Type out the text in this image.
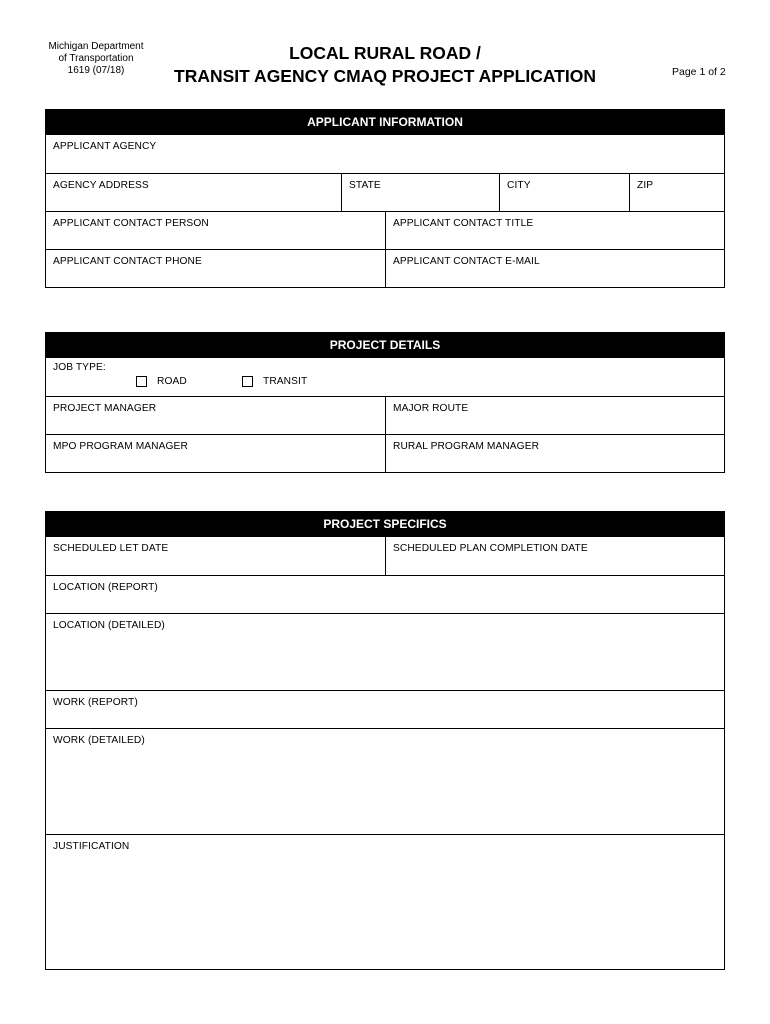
Michigan Department
of Transportation
1619 (07/18)
LOCAL RURAL ROAD /
TRANSIT AGENCY CMAQ PROJECT APPLICATION	Page 1 of 2
APPLICANT INFORMATION
APPLICANT AGENCY
AGENCY ADDRESS	STATE	CITY	ZIP
APPLICANT CONTACT PERSON	APPLICANT CONTACT TITLE
APPLICANT CONTACT PHONE	APPLICANT CONTACT E-MAIL
PROJECT DETAILS
JOB TYPE:
ROAD	TRANSIT
PROJECT MANAGER	MAJOR ROUTE
MPO PROGRAM MANAGER	RURAL PROGRAM MANAGER
PROJECT SPECIFICS
SCHEDULED LET DATE	SCHEDULED PLAN COMPLETION DATE
LOCATION (REPORT)
LOCATION (DETAILED)
WORK (REPORT)
WORK (DETAILED)
JUSTIFICATION
